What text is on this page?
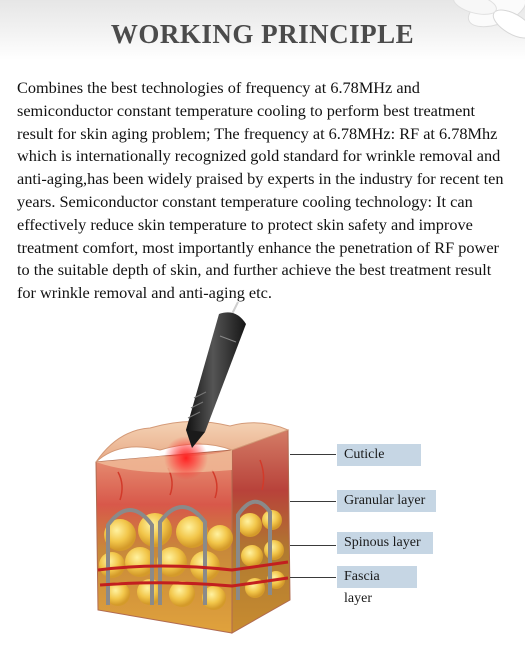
WORKING PRINCIPLE

Combines the best technologies of frequency at 6.78MHz and semiconductor constant temperature cooling to perform best treatment result for skin aging problem; The frequency at 6.78MHz: RF at 6.78Mhz which is internationally recognized gold standard for wrinkle removal and anti-aging,has been widely praised by experts in the industry for recent ten years. Semiconductor constant temperature cooling technology: It can effectively reduce skin temperature to protect skin safety and improve treatment comfort, most importantly enhance the penetration of RF power to the suitable depth of skin, and further achieve the best treatment result for wrinkle removal and anti-aging etc.

Cuticle
Granular layer
Spinous layer
Fascia layer
